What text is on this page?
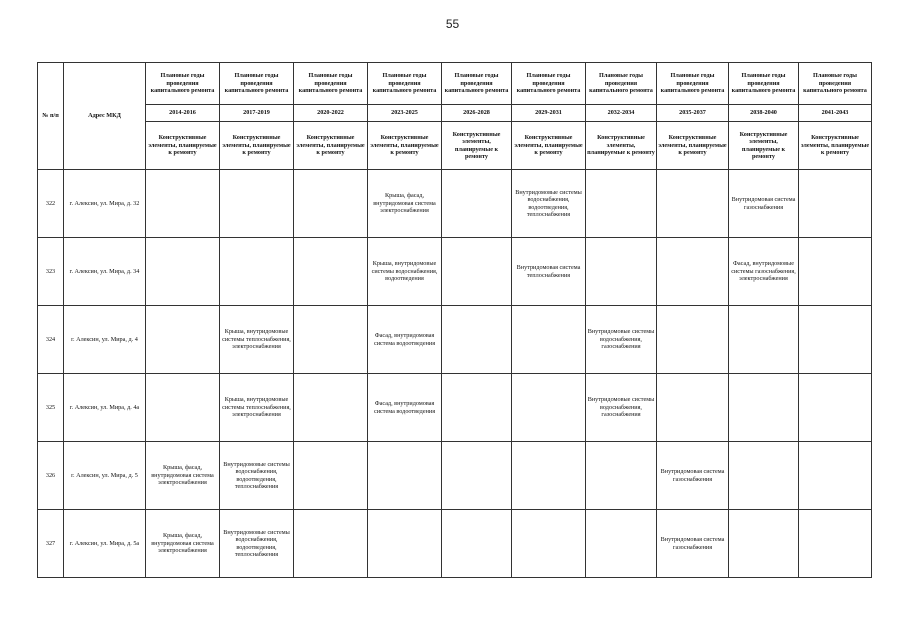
55
№ п/п	Адрес МКД	Плановые годы проведения капитального ремонта	Плановые годы проведения капитального ремонта	Плановые годы проведения капитального ремонта	Плановые годы проведения капитального ремонта	Плановые годы проведения капитального ремонта	Плановые годы проведения капитального ремонта	Плановые годы проведения капитального ремонта	Плановые годы проведения капитального ремонта	Плановые годы проведения капитального ремонта	Плановые годы проведения капитального ремонта
		2014-2016	2017-2019	2020-2022	2023-2025	2026-2028	2029-2031	2032-2034	2035-2037	2038-2040	2041-2043
		Конструктивные элементы, планируемые к ремонту	Конструктивные элементы, планируемые к ремонту	Конструктивные элементы, планируемые к ремонту	Конструктивные элементы, планируемые к ремонту	Конструктивные элементы, планируемые к ремонту	Конструктивные элементы, планируемые к ремонту	Конструктивные элементы, планируемые к ремонту	Конструктивные элементы, планируемые к ремонту	Конструктивные элементы, планируемые к ремонту	Конструктивные элементы, планируемые к ремонту
322	г. Алексин, ул. Мира, д. 32				Крыша, фасад, внутридомовая система электроснабжения		Внутридомовые системы водоснабжения, водоотведения, теплоснабжения			Внутридомовая система газоснабжения	
323	г. Алексин, ул. Мира, д. 34				Крыша, внутридомовые системы водоснабжения, водоотведения		Внутридомовая система теплоснабжения			Фасад, внутридомовые системы газоснабжения, электроснабжения	
324	г. Алексин, ул. Мира, д. 4		Крыша, внутридомовые системы теплоснабжения, электроснабжения		Фасад, внутридомовая система водоотведения			Внутридомовые системы водоснабжения, газоснабжения			
325	г. Алексин, ул. Мира, д. 4а		Крыша, внутридомовые системы теплоснабжения, электроснабжения		Фасад, внутридомовая система водоотведения			Внутридомовые системы водоснабжения, газоснабжения			
326	г. Алексин, ул. Мира, д. 5	Крыша, фасад, внутридомовая система электроснабжения	Внутридомовые системы водоснабжения, водоотведения, теплоснабжения						Внутридомовая система газоснабжения		
327	г. Алексин, ул. Мира, д. 5а	Крыша, фасад, внутридомовая система электроснабжения	Внутридомовые системы водоснабжения, водоотведения, теплоснабжения						Внутридомовая система газоснабжения		
